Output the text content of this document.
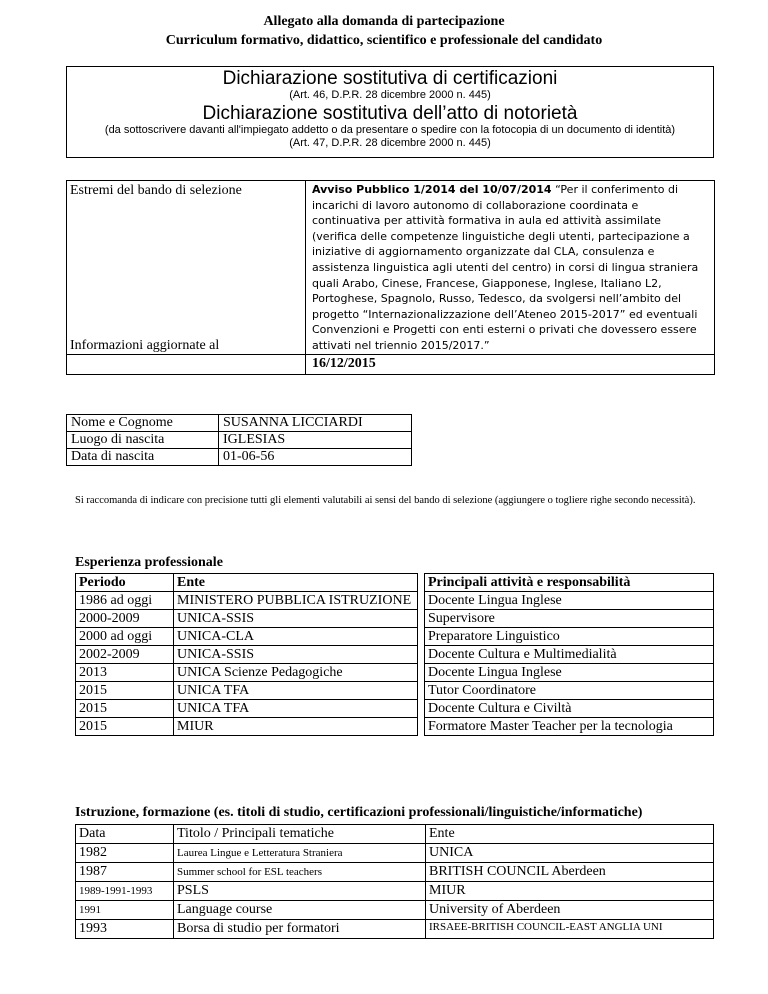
Allegato alla domanda di partecipazione
Curriculum formativo, didattico, scientifico e professionale del candidato
Dichiarazione sostitutiva di certificazioni
(Art. 46, D.P.R. 28 dicembre 2000 n. 445)
Dichiarazione sostitutiva dell’atto di notorietà
(da sottoscrivere davanti all'impiegato addetto o da presentare o spedire con la fotocopia di un documento di identità)
(Art. 47, D.P.R. 28 dicembre 2000 n. 445)
Estremi del bando di selezione	Avviso Pubblico 1/2014 del 10/07/2014 “Per il conferimento di incarichi di lavoro autonomo di collaborazione coordinata e continuativa per attività formativa in aula ed attività assimilate (verifica delle competenze linguistiche degli utenti, partecipazione a iniziative di aggiornamento organizzate dal CLA, consulenza e assistenza linguistica agli utenti del centro) in corsi di lingua straniera quali Arabo, Cinese, Francese, Giapponese, Inglese, Italiano L2, Portoghese, Spagnolo, Russo, Tedesco, da svolgersi nell’ambito del progetto “Internazionalizzazione dell’Ateneo 2015-2017” ed eventuali Convenzioni e Progetti con enti esterni o privati che dovessero essere attivati nel triennio 2015/2017.”
Informazioni aggiornate al	
	16/12/2015
Nome e Cognome	SUSANNA LICCIARDI
Luogo di nascita	IGLESIAS
Data di nascita	01-06-56
Si raccomanda di indicare con precisione tutti gli elementi valutabili ai sensi del bando di selezione (aggiungere o togliere righe secondo necessità).
Esperienza professionale
Periodo	Ente		Principali attività e responsabilità
1986 ad oggi	MINISTERO PUBBLICA ISTRUZIONE		Docente Lingua Inglese
2000-2009	UNICA-SSIS		Supervisore
2000 ad oggi	UNICA-CLA		Preparatore Linguistico
2002-2009	UNICA-SSIS		Docente Cultura e Multimedialità
2013	UNICA Scienze Pedagogiche		Docente Lingua Inglese
2015	UNICA TFA		Tutor Coordinatore
2015	UNICA TFA		Docente Cultura e Civiltà
2015	MIUR		Formatore Master Teacher per la tecnologia
Istruzione, formazione (es. titoli di studio, certificazioni professionali/linguistiche/informatiche)
Data	Titolo / Principali tematiche	Ente
1982	Laurea Lingue e Letteratura Straniera	UNICA
1987	Summer school for ESL teachers	BRITISH COUNCIL Aberdeen
1989-1991-1993	PSLS	MIUR
1991	Language course	University of Aberdeen
1993	Borsa di studio per formatori	IRSAEE-BRITISH COUNCIL-EAST ANGLIA UNI
